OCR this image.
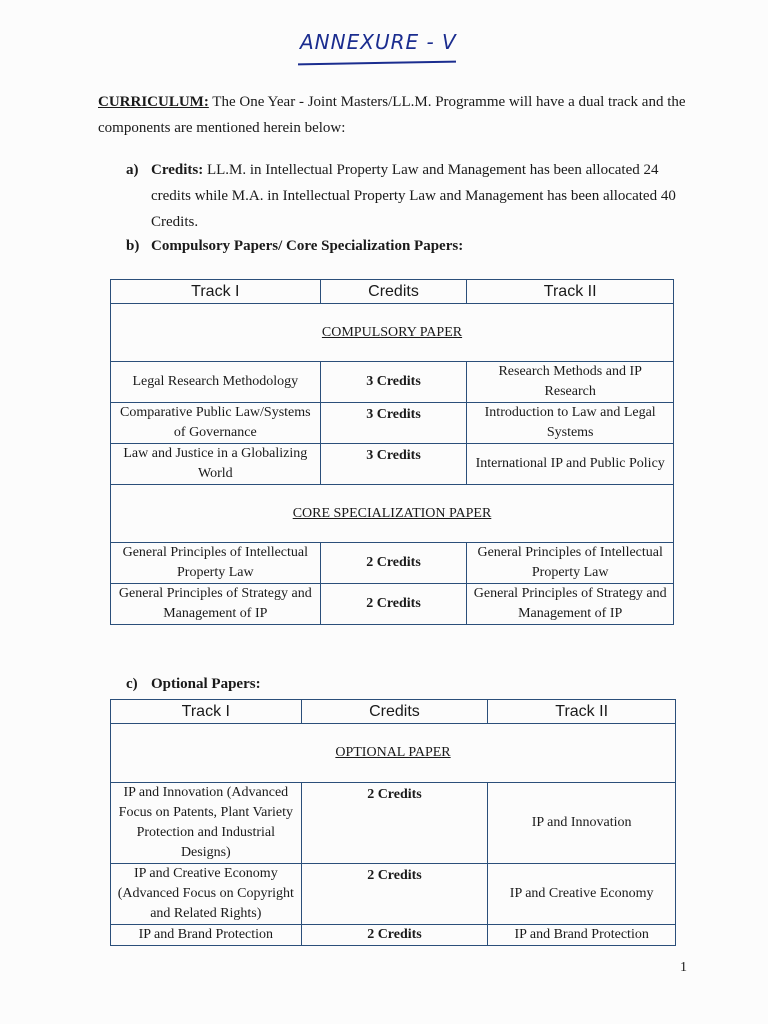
ANNEXURE - V
CURRICULUM: The One Year - Joint Masters/LL.M. Programme will have a dual track and the components are mentioned herein below:
a) Credits: LL.M. in Intellectual Property Law and Management has been allocated 24 credits while M.A. in Intellectual Property Law and Management has been allocated 40 Credits.
b) Compulsory Papers/ Core Specialization Papers:
Track I	Credits	Track II
COMPULSORY PAPER		
Legal Research Methodology	3 Credits	Research Methods and IP Research
Comparative Public Law/Systems of Governance	3 Credits	Introduction to Law and Legal Systems
Law and Justice in a Globalizing World	3 Credits	International IP and Public Policy
CORE SPECIALIZATION PAPER		
General Principles of Intellectual Property Law	2 Credits	General Principles of Intellectual Property Law
General Principles of Strategy and Management of IP	2 Credits	General Principles of Strategy and Management of IP
c) Optional Papers:
Track I	Credits	Track II
OPTIONAL PAPER		
IP and Innovation (Advanced Focus on Patents, Plant Variety Protection and Industrial Designs)	2 Credits	IP and Innovation
IP and Creative Economy (Advanced Focus on Copyright and Related Rights)	2 Credits	IP and Creative Economy
IP and Brand Protection	2 Credits	IP and Brand Protection
1
